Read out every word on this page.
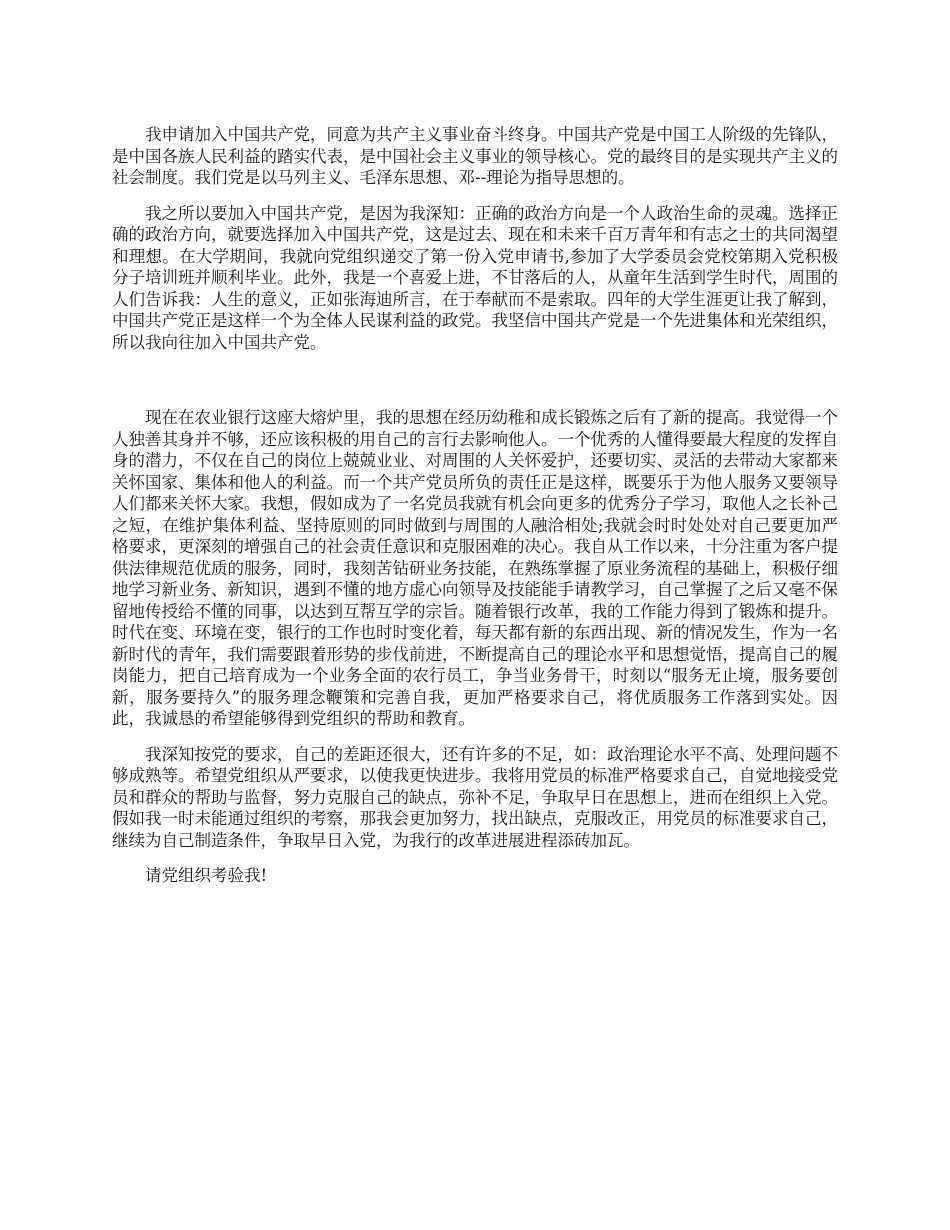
我申请加入中国共产党，同意为共产主义事业奋斗终身。中国共产党是中国工人阶级的先锋队，是中国各族人民利益的踏实代表，是中国社会主义事业的领导核心。党的最终目的是实现共产主义的社会制度。我们党是以马列主义、毛泽东思想、邓--理论为指导思想的。

我之所以要加入中国共产党，是因为我深知：正确的政治方向是一个人政治生命的灵魂。选择正确的政治方向，就要选择加入中国共产党，这是过去、现在和未来千百万青年和有志之士的共同渴望和理想。在大学期间，我就向党组织递交了第一份入党申请书,参加了大学委员会党校第期入党积极分子培训班并顺利毕业。此外，我是一个喜爱上进，不甘落后的人，从童年生活到学生时代，周围的人们告诉我：人生的意义，正如张海迪所言，在于奉献而不是索取。四年的大学生涯更让我了解到，中国共产党正是这样一个为全体人民谋利益的政党。我坚信中国共产党是一个先进集体和光荣组织，所以我向往加入中国共产党。

现在在农业银行这座大熔炉里，我的思想在经历幼稚和成长锻炼之后有了新的提高。我觉得一个人独善其身并不够，还应该积极的用自己的言行去影响他人。一个优秀的人懂得要最大程度的发挥自身的潜力，不仅在自己的岗位上兢兢业业、对周围的人关怀爱护，还要切实、灵活的去带动大家都来关怀国家、集体和他人的利益。而一个共产党员所负的责任正是这样，既要乐于为他人服务又要领导人们都来关怀大家。我想，假如成为了一名党员我就有机会向更多的优秀分子学习，取他人之长补己之短，在维护集体利益、坚持原则的同时做到与周围的人融洽相处;我就会时时处处对自己要更加严格要求，更深刻的增强自己的社会责任意识和克服困难的决心。我自从工作以来，十分注重为客户提供法律规范优质的服务，同时，我刻苦钻研业务技能，在熟练掌握了原业务流程的基础上，积极仔细地学习新业务、新知识，遇到不懂的地方虚心向领导及技能能手请教学习，自己掌握了之后又毫不保留地传授给不懂的同事，以达到互帮互学的宗旨。随着银行改革，我的工作能力得到了锻炼和提升。时代在变、环境在变，银行的工作也时时变化着，每天都有新的东西出现、新的情况发生，作为一名新时代的青年，我们需要跟着形势的步伐前进，不断提高自己的理论水平和思想觉悟，提高自己的履岗能力，把自己培育成为一个业务全面的农行员工，争当业务骨干，时刻以“服务无止境，服务要创新，服务要持久”的服务理念鞭策和完善自我，更加严格要求自己，将优质服务工作落到实处。因此，我诚恳的希望能够得到党组织的帮助和教育。

我深知按党的要求，自己的差距还很大，还有许多的不足，如：政治理论水平不高、处理问题不够成熟等。希望党组织从严要求，以使我更快进步。我将用党员的标准严格要求自己，自觉地接受党员和群众的帮助与监督，努力克服自己的缺点，弥补不足，争取早日在思想上，进而在组织上入党。假如我一时未能通过组织的考察，那我会更加努力，找出缺点，克服改正，用党员的标准要求自己，继续为自己制造条件，争取早日入党，为我行的改革进展进程添砖加瓦。

请党组织考验我!
